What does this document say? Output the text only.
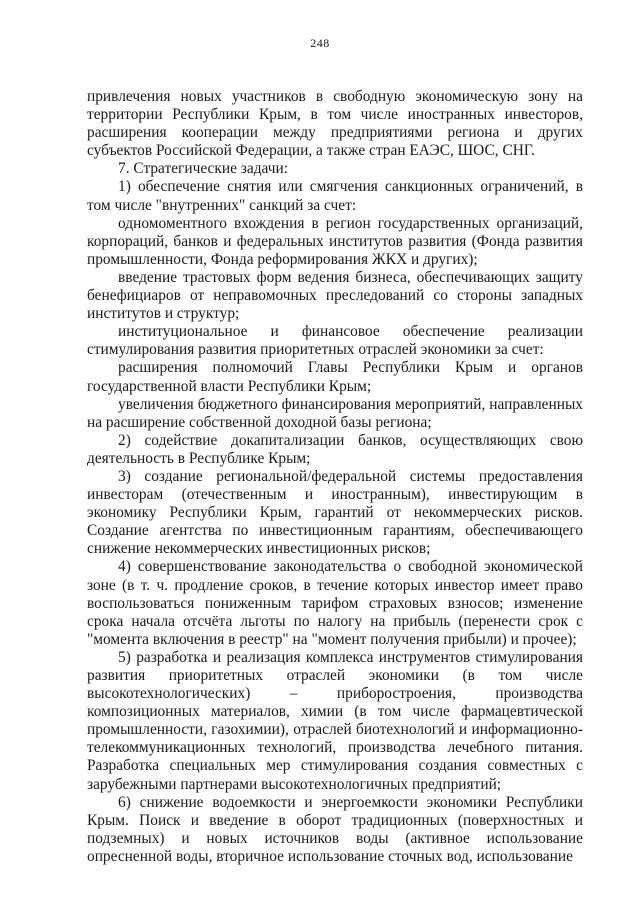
248

привлечения новых участников в свободную экономическую зону на территории Республики Крым, в том числе иностранных инвесторов, расширения кооперации между предприятиями региона и других субъектов Российской Федерации, а также стран ЕАЭС, ШОС, СНГ.

7. Стратегические задачи:

1) обеспечение снятия или смягчения санкционных ограничений, в том числе "внутренних" санкций за счет:

одномоментного вхождения в регион государственных организаций, корпораций, банков и федеральных институтов развития (Фонда развития промышленности, Фонда реформирования ЖКХ и других);

введение трастовых форм ведения бизнеса, обеспечивающих защиту бенефициаров от неправомочных преследований со стороны западных институтов и структур;

институциональное и финансовое обеспечение реализации стимулирования развития приоритетных отраслей экономики за счет:

расширения полномочий Главы Республики Крым и органов государственной власти Республики Крым;

увеличения бюджетного финансирования мероприятий, направленных на расширение собственной доходной базы региона;

2) содействие докапитализации банков, осуществляющих свою деятельность в Республике Крым;

3) создание региональной/федеральной системы предоставления инвесторам (отечественным и иностранным), инвестирующим в экономику Республики Крым, гарантий от некоммерческих рисков. Создание агентства по инвестиционным гарантиям, обеспечивающего снижение некоммерческих инвестиционных рисков;

4) совершенствование законодательства о свободной экономической зоне (в т. ч. продление сроков, в течение которых инвестор имеет право воспользоваться пониженным тарифом страховых взносов; изменение срока начала отсчёта льготы по налогу на прибыль (перенести срок с "момента включения в реестр" на "момент получения прибыли) и прочее);

5) разработка и реализация комплекса инструментов стимулирования развития приоритетных отраслей экономики (в том числе высокотехнологических) – приборостроения, производства композиционных материалов, химии (в том числе фармацевтической промышленности, газохимии), отраслей биотехнологий и информационно-телекоммуникационных технологий, производства лечебного питания. Разработка специальных мер стимулирования создания совместных с зарубежными партнерами высокотехнологичных предприятий;

6) снижение водоемкости и энергоемкости экономики Республики Крым. Поиск и введение в оборот традиционных (поверхностных и подземных) и новых источников воды (активное использование опресненной воды, вторичное использование сточных вод, использование
